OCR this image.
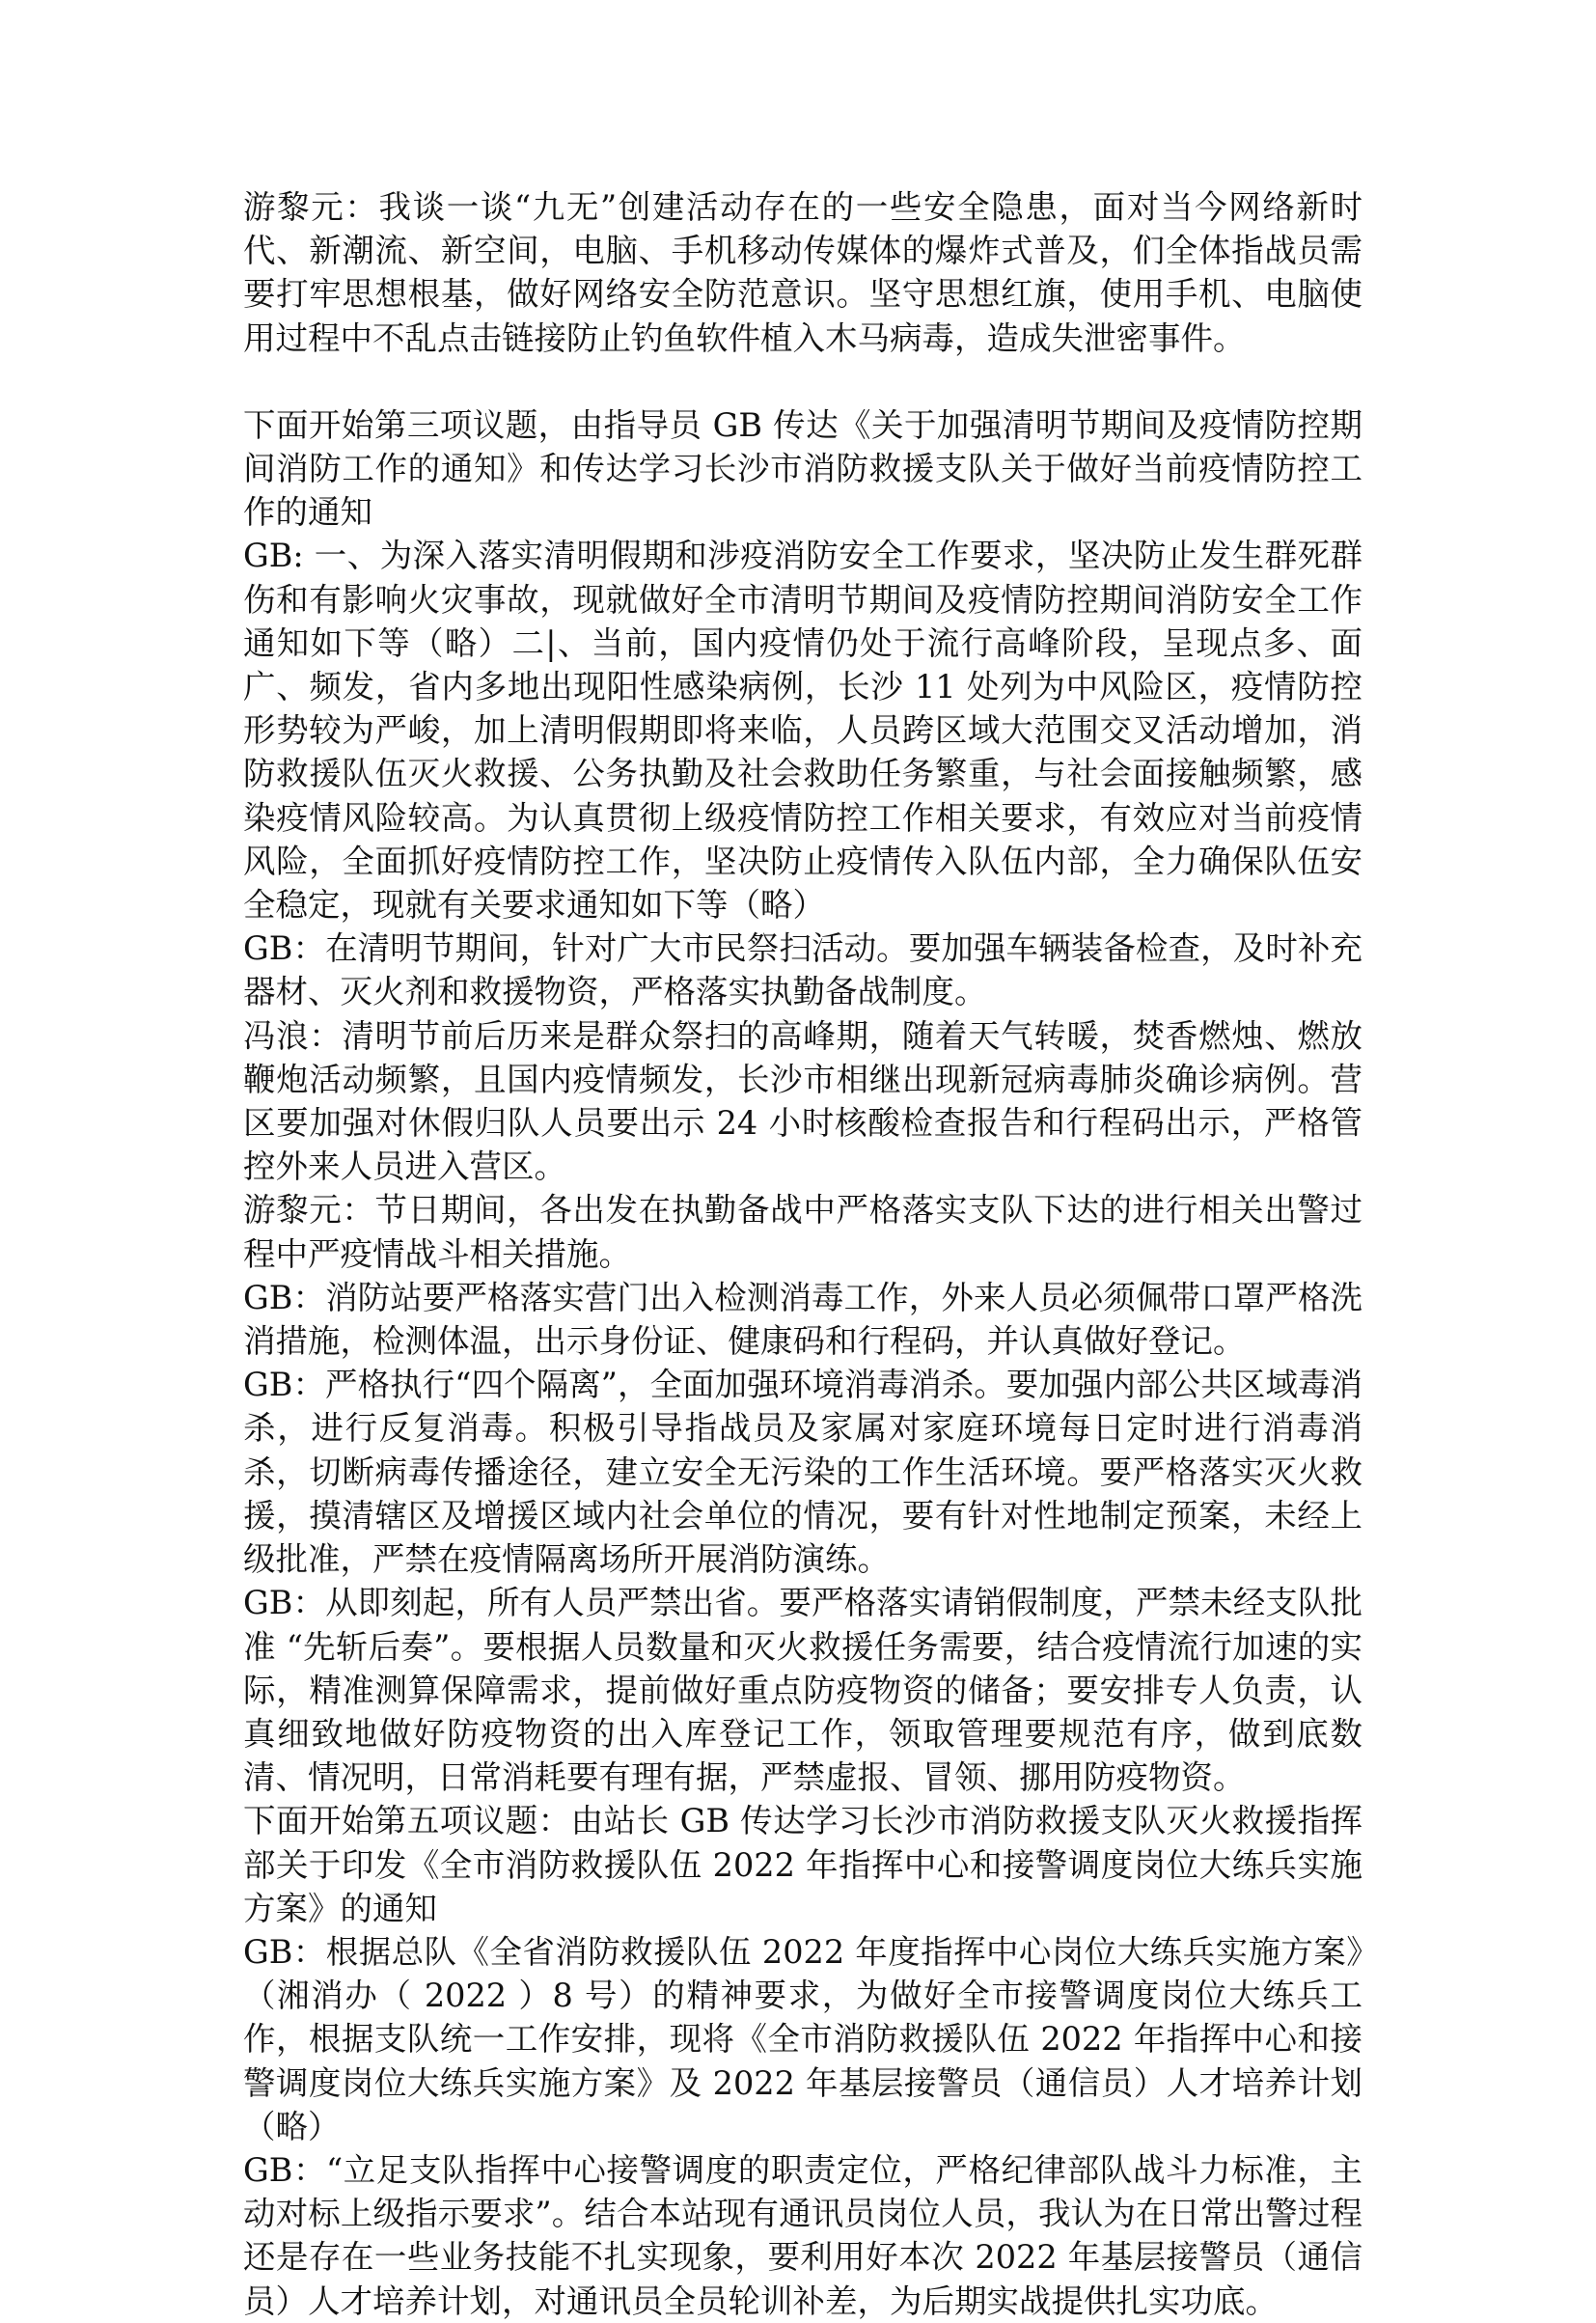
游黎元：我谈一谈“九无”创建活动存在的一些安全隐患，面对当今网络新时代、新潮流、新空间，电脑、手机移动传媒体的爆炸式普及，们全体指战员需要打牢思想根基，做好网络安全防范意识。坚守思想红旗，使用手机、电脑使用过程中不乱点击链接防止钓鱼软件植入木马病毒，造成失泄密事件。

下面开始第三项议题，由指导员 GB 传达《关于加强清明节期间及疫情防控期间消防工作的通知》和传达学习长沙市消防救援支队关于做好当前疫情防控工作的通知

GB: 一、为深入落实清明假期和涉疫消防安全工作要求，坚决防止发生群死群伤和有影响火灾事故，现就做好全市清明节期间及疫情防控期间消防安全工作通知如下等（略）二|、当前，国内疫情仍处于流行高峰阶段，呈现点多、面广、频发，省内多地出现阳性感染病例，长沙 11 处列为中风险区，疫情防控形势较为严峻，加上清明假期即将来临，人员跨区域大范围交叉活动增加，消防救援队伍灭火救援、公务执勤及社会救助任务繁重，与社会面接触频繁，感染疫情风险较高。为认真贯彻上级疫情防控工作相关要求，有效应对当前疫情风险，全面抓好疫情防控工作，坚决防止疫情传入队伍内部，全力确保队伍安全稳定，现就有关要求通知如下等（略）

GB：在清明节期间，针对广大市民祭扫活动。要加强车辆装备检查，及时补充器材、灭火剂和救援物资，严格落实执勤备战制度。

冯浪：清明节前后历来是群众祭扫的高峰期，随着天气转暖，焚香燃烛、燃放鞭炮活动频繁，且国内疫情频发，长沙市相继出现新冠病毒肺炎确诊病例。营区要加强对休假归队人员要出示 24 小时核酸检查报告和行程码出示，严格管控外来人员进入营区。

游黎元：节日期间，各出发在执勤备战中严格落实支队下达的进行相关出警过程中严疫情战斗相关措施。

GB：消防站要严格落实营门出入检测消毒工作，外来人员必须佩带口罩严格洗消措施，检测体温，出示身份证、健康码和行程码，并认真做好登记。

GB：严格执行“四个隔离”，全面加强环境消毒消杀。要加强内部公共区域毒消杀，进行反复消毒。积极引导指战员及家属对家庭环境每日定时进行消毒消杀，切断病毒传播途径，建立安全无污染的工作生活环境。要严格落实灭火救援，摸清辖区及增援区域内社会单位的情况，要有针对性地制定预案，未经上级批准，严禁在疫情隔离场所开展消防演练。

GB：从即刻起，所有人员严禁出省。要严格落实请销假制度，严禁未经支队批准 “先斩后奏”。要根据人员数量和灭火救援任务需要，结合疫情流行加速的实际，精准测算保障需求，提前做好重点防疫物资的储备；要安排专人负责，认真细致地做好防疫物资的出入库登记工作，领取管理要规范有序，做到底数清、情况明，日常消耗要有理有据，严禁虚报、冒领、挪用防疫物资。

下面开始第五项议题：由站长 GB 传达学习长沙市消防救援支队灭火救援指挥部关于印发《全市消防救援队伍 2022 年指挥中心和接警调度岗位大练兵实施方案》的通知

GB：根据总队《全省消防救援队伍 2022 年度指挥中心岗位大练兵实施方案》（湘消办（ 2022 ）8 号）的精神要求，为做好全市接警调度岗位大练兵工作，根据支队统一工作安排，现将《全市消防救援队伍 2022 年指挥中心和接警调度岗位大练兵实施方案》及 2022 年基层接警员（通信员）人才培养计划（略）

GB：“立足支队指挥中心接警调度的职责定位，严格纪律部队战斗力标准，主动对标上级指示要求”。结合本站现有通讯员岗位人员，我认为在日常出警过程还是存在一些业务技能不扎实现象，要利用好本次 2022 年基层接警员（通信员）人才培养计划，对通讯员全员轮训补差，为后期实战提供扎实功底。
